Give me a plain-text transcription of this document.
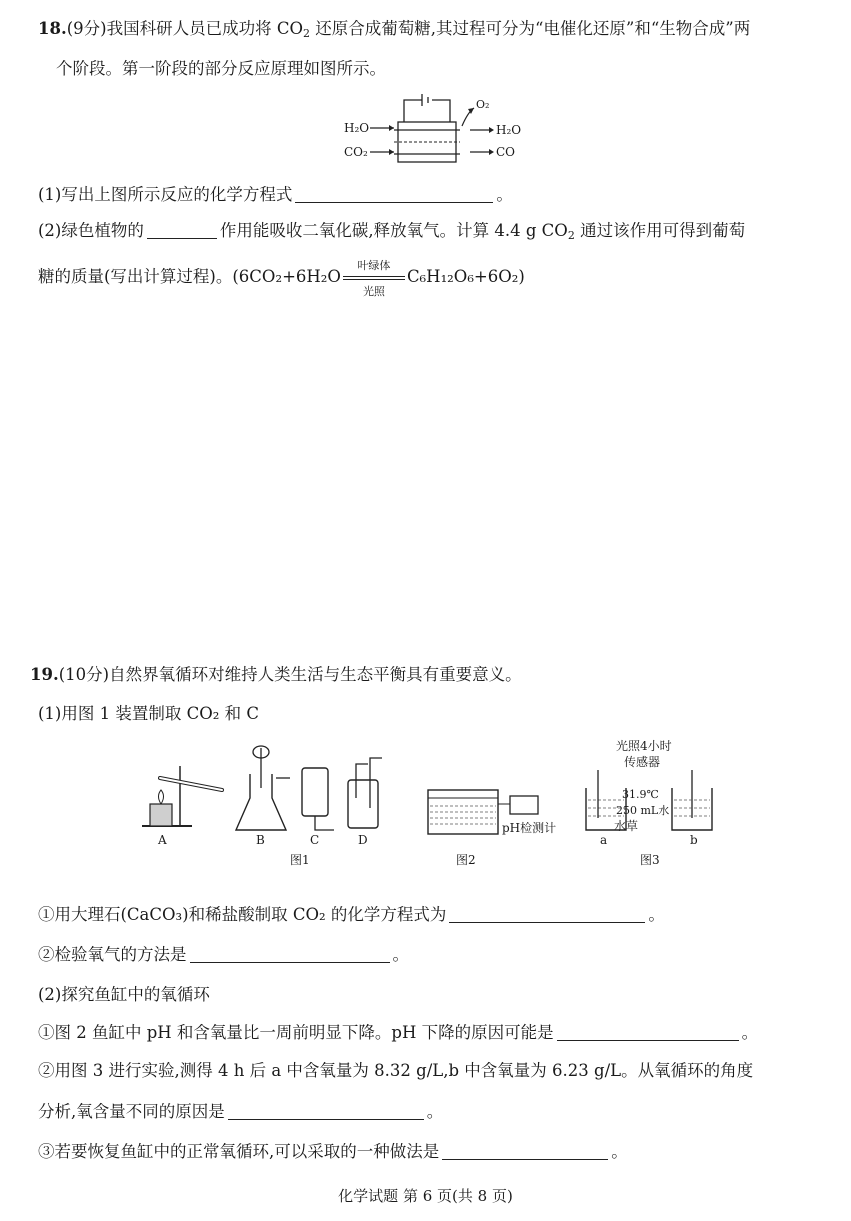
18.(9分)我国科研人员已成功将 $CO_2$ 还原合成葡萄糖,其过程可分为“电催化还原”和“生物合成”两
个阶段。第一阶段的部分反应原理如图所示。
H₂O
CO₂
O₂
H₂O
CO
(1)写出上图所示反应的化学方程式	。
(2)绿色植物的	作用能吸收二氧化碳,释放氧气。计算 4.4 g $CO_2$ 通过该作用可得到葡萄
糖的质量(写出计算过程)。(6CO₂+6H₂O
叶绿体
光照
C₆H₁₂O₆+6O₂)
19.(10分)自然界氧循环对维持人类生活与生态平衡具有重要意义。
(1)用图 1 装置制取 CO₂ 和 C
A	B	C	D
图1
pH检测计
图2
光照4小时
传感器
31.9℃
250 mL水
水草
a	b
图3
①用大理石(CaCO₃)和稀盐酸制取 CO₂ 的化学方程式为	。
②检验氧气的方法是	。
(2)探究鱼缸中的氧循环
①图 2 鱼缸中 pH 和含氧量比一周前明显下降。pH 下降的原因可能是	。
②用图 3 进行实验,测得 4 h 后 a 中含氧量为 8.32 g/L,b 中含氧量为 6.23 g/L。从氧循环的角度
分析,氧含量不同的原因是	。
③若要恢复鱼缸中的正常氧循环,可以采取的一种做法是	。
化学试题 第 6 页(共 8 页)
